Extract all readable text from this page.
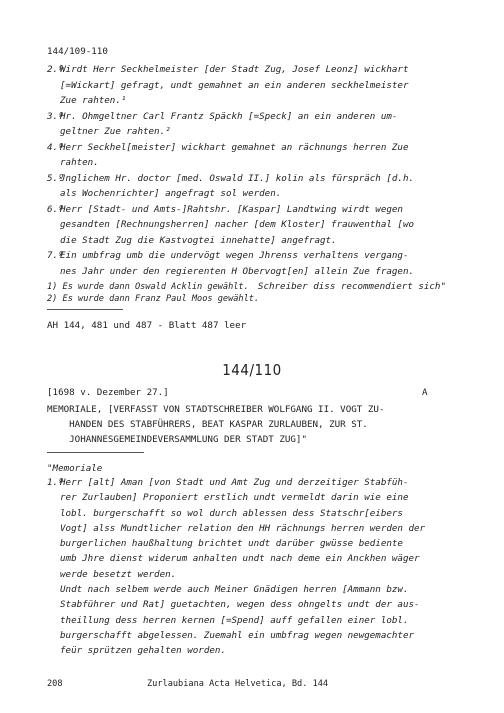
144/109-110
2.º
Wirdt Herr Seckhelmeister [der Stadt Zug, Josef Leonz] wickhart
[=Wickart] gefragt, undt gemahnet an ein anderen seckhelmeister
Zue rahten.¹
3.º
Hr. Ohmgeltner Carl Frantz Späckh [=Speck] an ein anderen um-
geltner Zue rahten.²
4.º
Herr Seckhel[meister] wickhart gemahnet an rächnungs herren Zue
rahten.
5.º
Jnglichem Hr. doctor [med. Oswald II.] kolin als fürspräch [d.h.
als Wochenrichter] angefragt sol werden.
6.º
Herr [Stadt- und Amts-]Rahtshr. [Kaspar] Landtwing wirdt wegen
gesandten [Rechnungsherren] nacher [dem Kloster] frauwenthal [wo
die Stadt Zug die Kastvogtei innehatte] angefragt.
7.º
Ein umbfrag umb die undervögt wegen Jhrenss verhaltens vergang-
nes Jahr under den regierenten H Obervogt[en] allein Zue fragen.
Schreiber diss recommendiert sich"
1) Es wurde dann Oswald Acklin gewählt.
2) Es wurde dann Franz Paul Moos gewählt.
AH 144, 481 und 487 - Blatt 487 leer
144/110
[1698 v. Dezember 27.]	A
MEMORIALE, [VERFASST VON STADTSCHREIBER WOLFGANG II. VOGT ZU-
HANDEN DES STABFÜHRERS, BEAT KASPAR ZURLAUBEN, ZUR ST.
JOHANNESGEMEINDEVERSAMMLUNG DER STADT ZUG]"
"Memoriale
1.º
Herr [alt] Aman [von Stadt und Amt Zug und derzeitiger Stabfüh-
rer Zurlauben] Proponiert erstlich undt vermeldt darin wie eine
lobl. burgerschafft so wol durch ablessen dess Statschr[eibers
Vogt] alss Mundtlicher relation den HH rächnungs herren werden der
burgerlichen haußhaltung brichtet undt darüber gwüsse bediente
umb Jhre dienst widerum anhalten undt nach deme ein Anckhen wäger
werde besetzt werden.
Undt nach selbem werde auch Meiner Gnädigen herren [Ammann bzw.
Stabführer und Rat] guetachten, wegen dess ohngelts undt der aus-
theillung dess herren kernen [=Spend] auff gefallen einer lobl.
burgerschafft abgelessen. Zuemahl ein umbfrag wegen newgemachter
feür sprützen gehalten worden.
208	Zurlaubiana Acta Helvetica, Bd. 144
